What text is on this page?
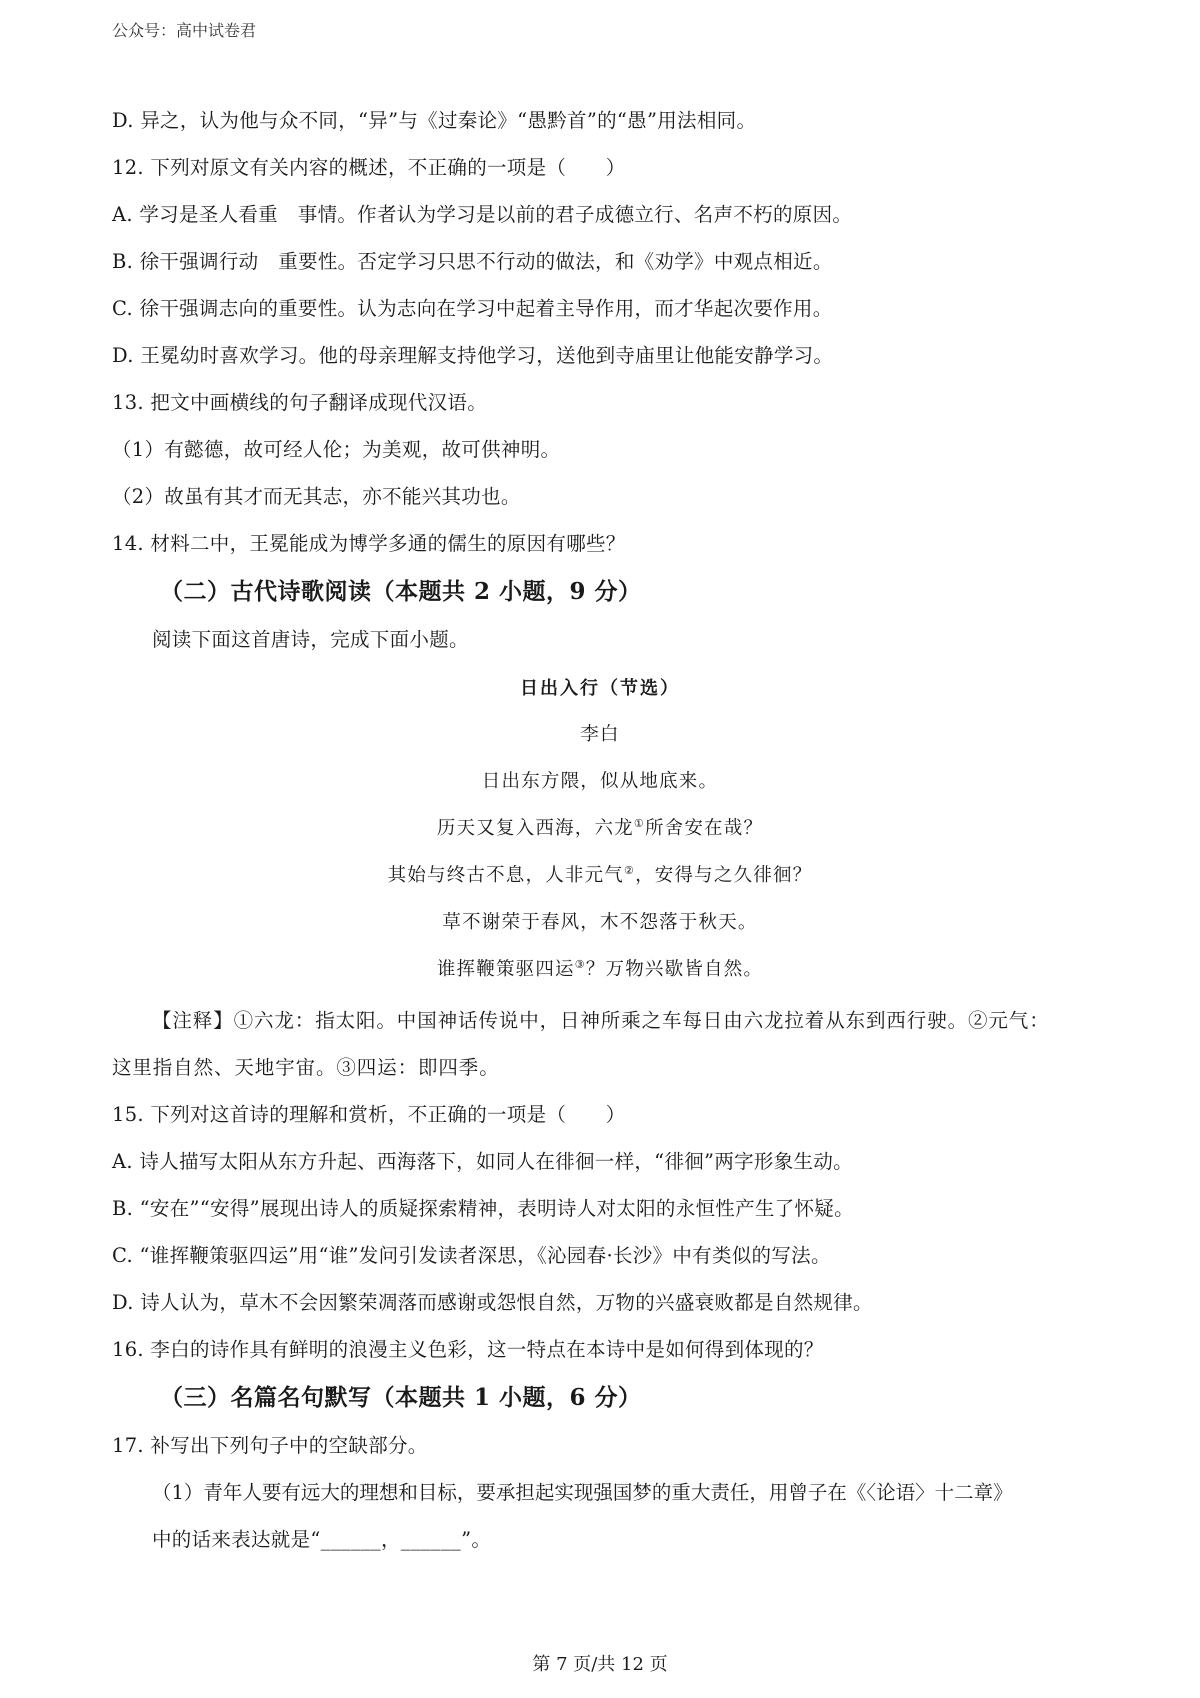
公众号：高中试卷君
D. 异之，认为他与众不同，“异”与《过秦论》“愚黔首”的“愚”用法相同。
12. 下列对原文有关内容的概述，不正确的一项是（　　）
A. 学习是圣人看重　事情。作者认为学习是以前的君子成德立行、名声不朽的原因。
B. 徐干强调行动　重要性。否定学习只思不行动的做法，和《劝学》中观点相近。
C. 徐干强调志向的重要性。认为志向在学习中起着主导作用，而才华起次要作用。
D. 王冕幼时喜欢学习。他的母亲理解支持他学习，送他到寺庙里让他能安静学习。
13. 把文中画横线的句子翻译成现代汉语。
（1）有懿德，故可经人伦；为美观，故可供神明。
（2）故虽有其才而无其志，亦不能兴其功也。
14. 材料二中，王冕能成为博学多通的儒生的原因有哪些？
（二）古代诗歌阅读（本题共 2 小题，9 分）
阅读下面这首唐诗，完成下面小题。
日出入行（节选）
李白
日出东方隈，似从地底来。
历天又复入西海，六龙①所舍安在哉？
其始与终古不息，人非元气②，安得与之久徘徊？
草不谢荣于春风，木不怨落于秋天。
谁挥鞭策驱四运③？万物兴歇皆自然。
【注释】①六龙：指太阳。中国神话传说中，日神所乘之车每日由六龙拉着从东到西行驶。②元气：
这里指自然、天地宇宙。③四运：即四季。
15. 下列对这首诗的理解和赏析，不正确的一项是（　　）
A. 诗人描写太阳从东方升起、西海落下，如同人在徘徊一样，“徘徊”两字形象生动。
B. “安在”“安得”展现出诗人的质疑探索精神，表明诗人对太阳的永恒性产生了怀疑。
C. “谁挥鞭策驱四运”用“谁”发问引发读者深思，《沁园春·长沙》中有类似的写法。
D. 诗人认为，草木不会因繁荣凋落而感谢或怨恨自然，万物的兴盛衰败都是自然规律。
16. 李白的诗作具有鲜明的浪漫主义色彩，这一特点在本诗中是如何得到体现的？
（三）名篇名句默写（本题共 1 小题，6 分）
17. 补写出下列句子中的空缺部分。
（1）青年人要有远大的理想和目标，要承担起实现强国梦的重大责任，用曾子在《〈论语〉十二章》
中的话来表达就是“______，______”。
第 7 页/共 12 页
